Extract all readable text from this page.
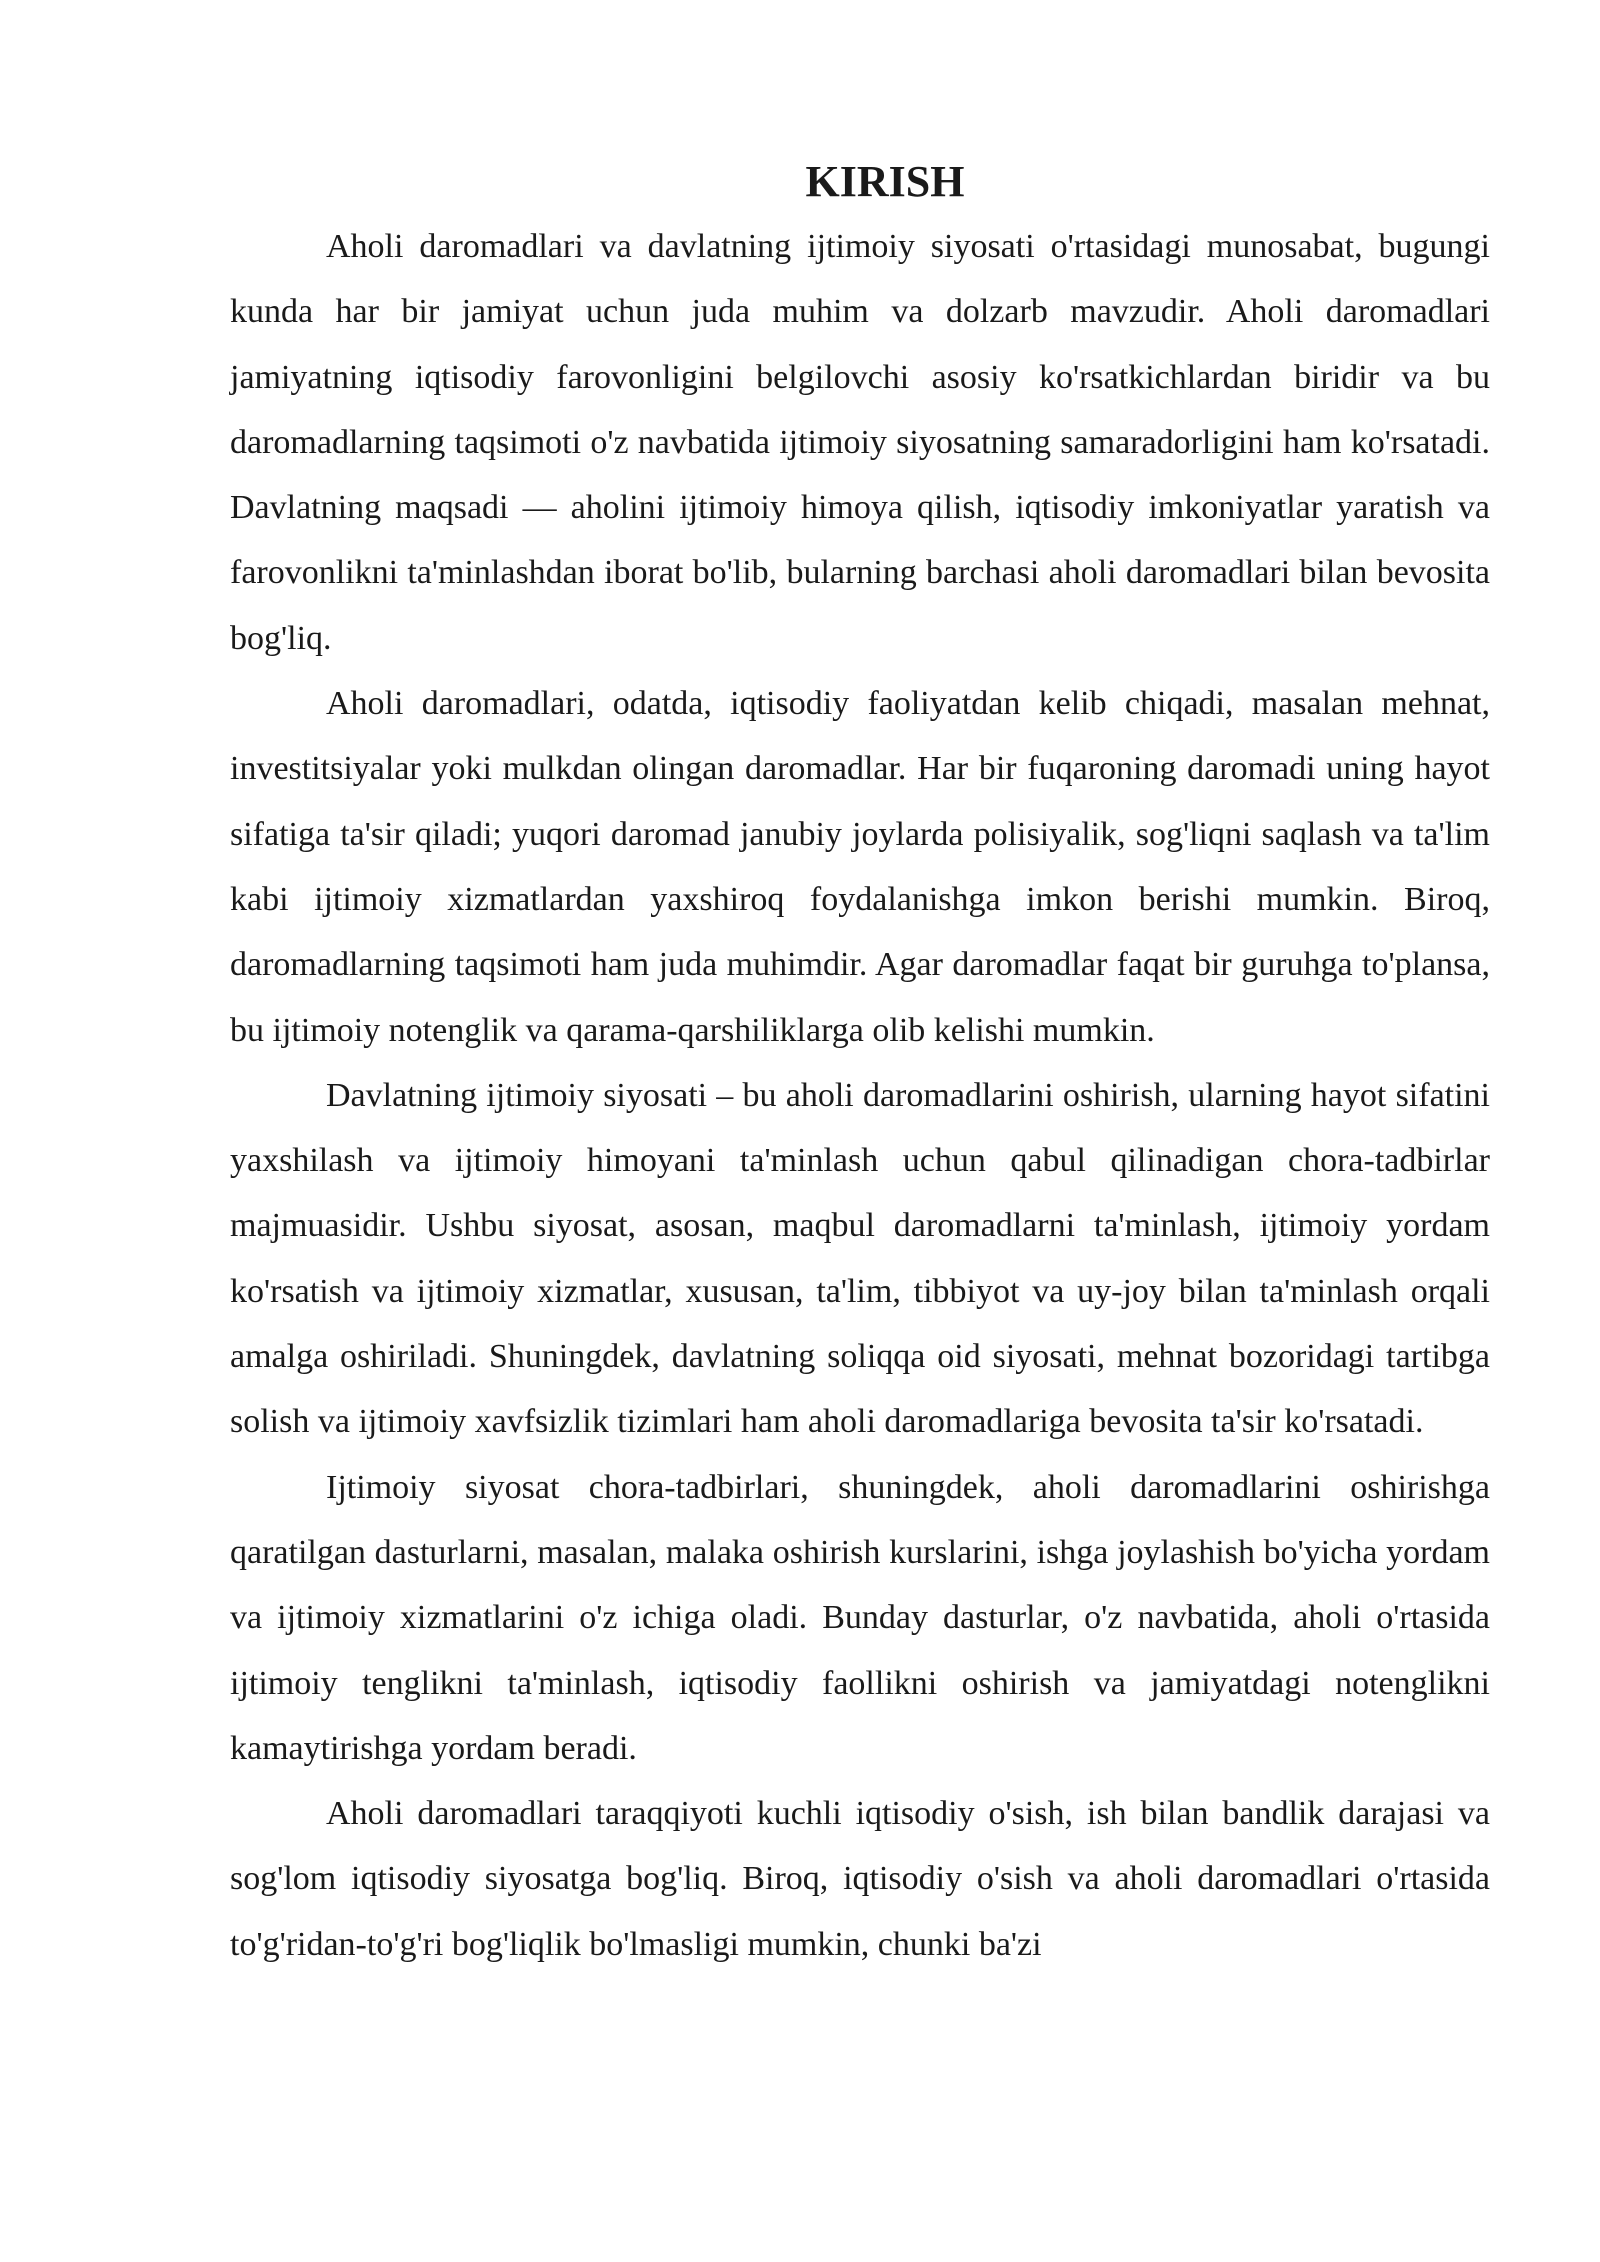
KIRISH

Aholi daromadlari va davlatning ijtimoiy siyosati o'rtasidagi munosabat, bugungi kunda har bir jamiyat uchun juda muhim va dolzarb mavzudir. Aholi daromadlari jamiyatning iqtisodiy farovonligini belgilovchi asosiy ko'rsatkichlardan biridir va bu daromadlarning taqsimoti o'z navbatida ijtimoiy siyosatning samaradorligini ham ko'rsatadi. Davlatning maqsadi — aholini ijtimoiy himoya qilish, iqtisodiy imkoniyatlar yaratish va farovonlikni ta'minlashdan iborat bo'lib, bularning barchasi aholi daromadlari bilan bevosita bog'liq.

Aholi daromadlari, odatda, iqtisodiy faoliyatdan kelib chiqadi, masalan mehnat, investitsiyalar yoki mulkdan olingan daromadlar. Har bir fuqaroning daromadi uning hayot sifatiga ta'sir qiladi; yuqori daromad janubiy joylarda polisiyalik, sog'liqni saqlash va ta'lim kabi ijtimoiy xizmatlardan yaxshiroq foydalanishga imkon berishi mumkin. Biroq, daromadlarning taqsimoti ham juda muhimdir. Agar daromadlar faqat bir guruhga to'plansa, bu ijtimoiy notenglik va qarama-qarshiliklarga olib kelishi mumkin.

Davlatning ijtimoiy siyosati – bu aholi daromadlarini oshirish, ularning hayot sifatini yaxshilash va ijtimoiy himoyani ta'minlash uchun qabul qilinadigan chora-tadbirlar majmuasidir. Ushbu siyosat, asosan, maqbul daromadlarni ta'minlash, ijtimoiy yordam ko'rsatish va ijtimoiy xizmatlar, xususan, ta'lim, tibbiyot va uy-joy bilan ta'minlash orqali amalga oshiriladi. Shuningdek, davlatning soliqqa oid siyosati, mehnat bozoridagi tartibga solish va ijtimoiy xavfsizlik tizimlari ham aholi daromadlariga bevosita ta'sir ko'rsatadi.

Ijtimoiy siyosat chora-tadbirlari, shuningdek, aholi daromadlarini oshirishga qaratilgan dasturlarni, masalan, malaka oshirish kurslarini, ishga joylashish bo'yicha yordam va ijtimoiy xizmatlarini o'z ichiga oladi. Bunday dasturlar, o'z navbatida, aholi o'rtasida ijtimoiy tenglikni ta'minlash, iqtisodiy faollikni oshirish va jamiyatdagi notenglikni kamaytirishga yordam beradi.

Aholi daromadlari taraqqiyoti kuchli iqtisodiy o'sish, ish bilan bandlik darajasi va sog'lom iqtisodiy siyosatga bog'liq. Biroq, iqtisodiy o'sish va aholi daromadlari o'rtasida to'g'ridan-to'g'ri bog'liqlik bo'lmasligi mumkin, chunki ba'zi
